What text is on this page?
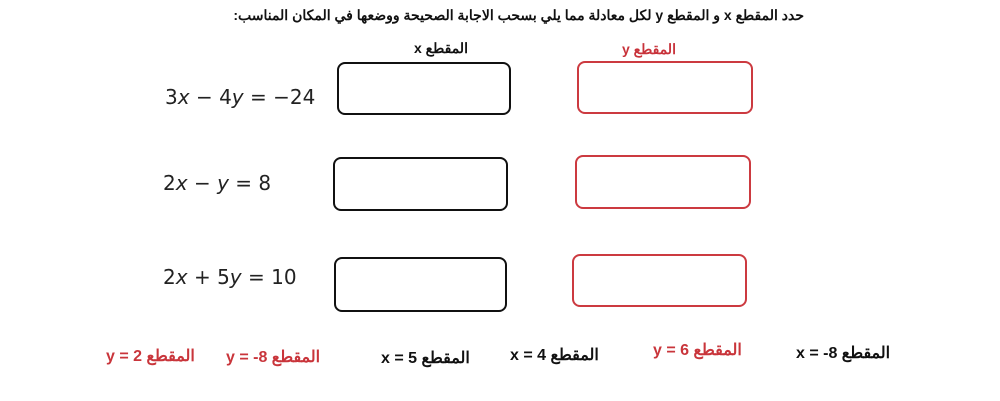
حدد المقطع x و المقطع y لكل معادلة مما يلي بسحب الاجابة الصحيحة ووضعها في المكان المناسب:
المقطع x	المقطع y
3x − 4y = −24
2x − y = 8
2x + 5y = 10
المقطع y = 2 المقطع y = -8	المقطع x = 5	المقطع x = 4	المقطع y = 6	المقطع x = -8
